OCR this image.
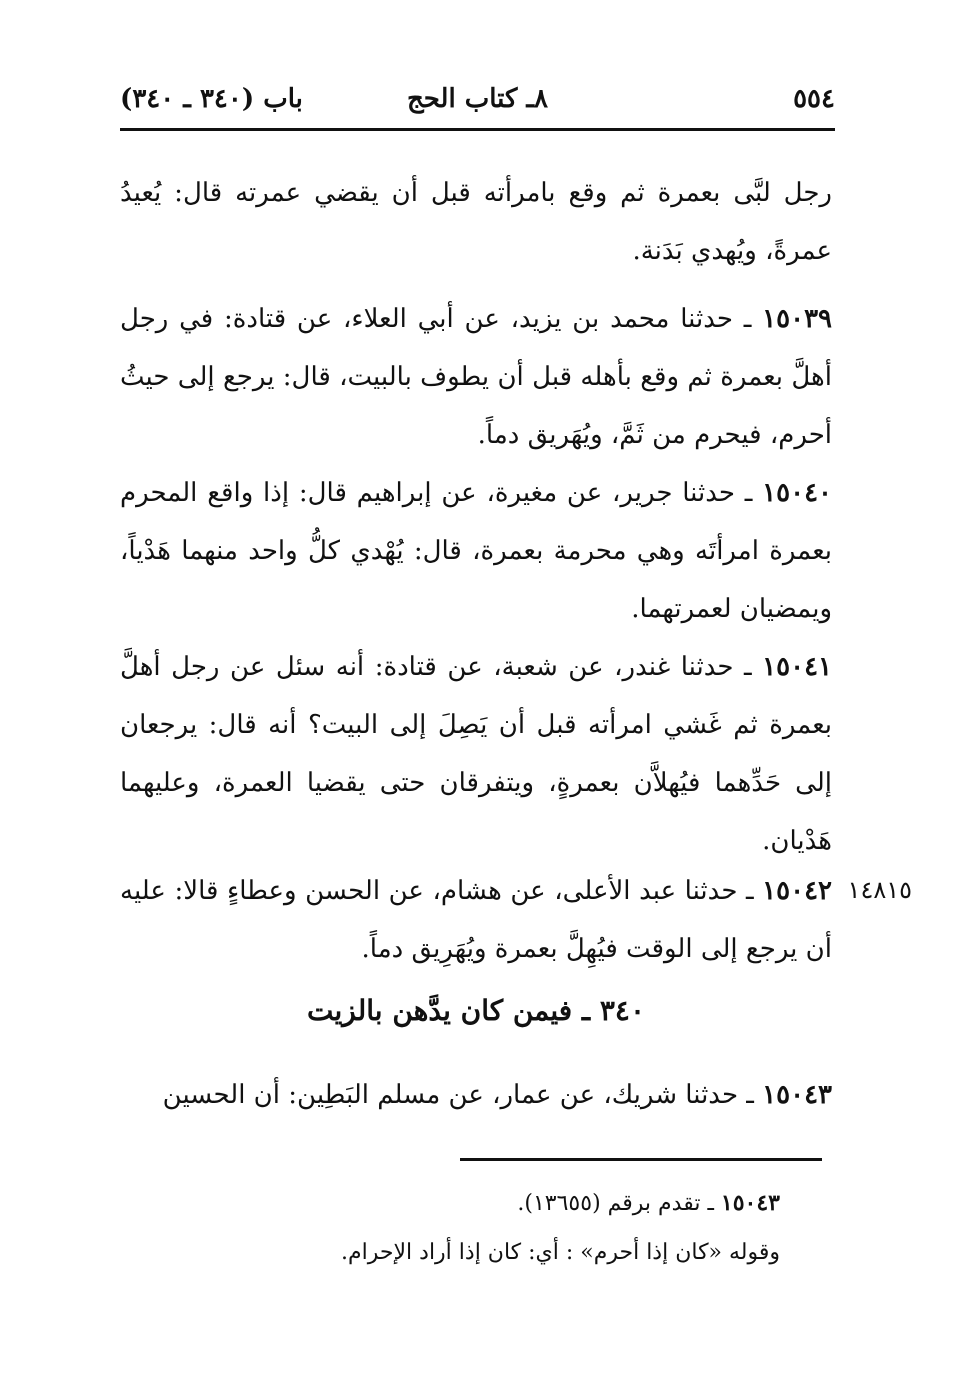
٥٥٤
٨ـ كتاب الحج
باب (٣٤٠ ـ ٣٤٠)
رجل لبَّى بعمرة ثم وقع بامرأته قبل أن يقضي عمرته قال: يُعيدُ عمرةً، ويُهدي بَدَنة.
١٥٠٣٩ ـ حدثنا محمد بن يزيد، عن أبي العلاء، عن قتادة: في رجل أهلَّ بعمرة ثم وقع بأهله قبل أن يطوف بالبيت، قال: يرجع إلى حيثُ أحرم، فيحرم من ثَمَّ، ويُهَريق دماً.
١٥٠٤٠ ـ حدثنا جرير، عن مغيرة، عن إبراهيم قال: إذا واقع المحرم بعمرة امرأتَه وهي محرمة بعمرة، قال: يُهْدي كلُّ واحد منهما هَدْياً، ويمضيان لعمرتهما.
١٥٠٤١ ـ حدثنا غندر، عن شعبة، عن قتادة: أنه سئل عن رجل أهلَّ بعمرة ثم غَشي امرأته قبل أن يَصِلَ إلى البيت؟ أنه قال: يرجعان إلى حَدِّهما فيُهلاَّن بعمرةٍ، ويتفرقان حتى يقضيا العمرة، وعليهما هَدْيان.
١٥٠٤٢ ـ حدثنا عبد الأعلى، عن هشام، عن الحسن وعطاءٍ قالا: عليه أن يرجع إلى الوقت فيُهِلَّ بعمرة ويُهَرِيق دماً.
١٤٨١٥
٣٤٠ ـ فيمن كان يدَّهن بالزيت
١٥٠٤٣ ـ حدثنا شريك، عن عمار، عن مسلم البَطِين: أن الحسين
١٥٠٤٣ ـ تقدم برقم (١٣٦٥٥).
وقوله «كان إذا أحرم» : أي: كان إذا أراد الإحرام.
